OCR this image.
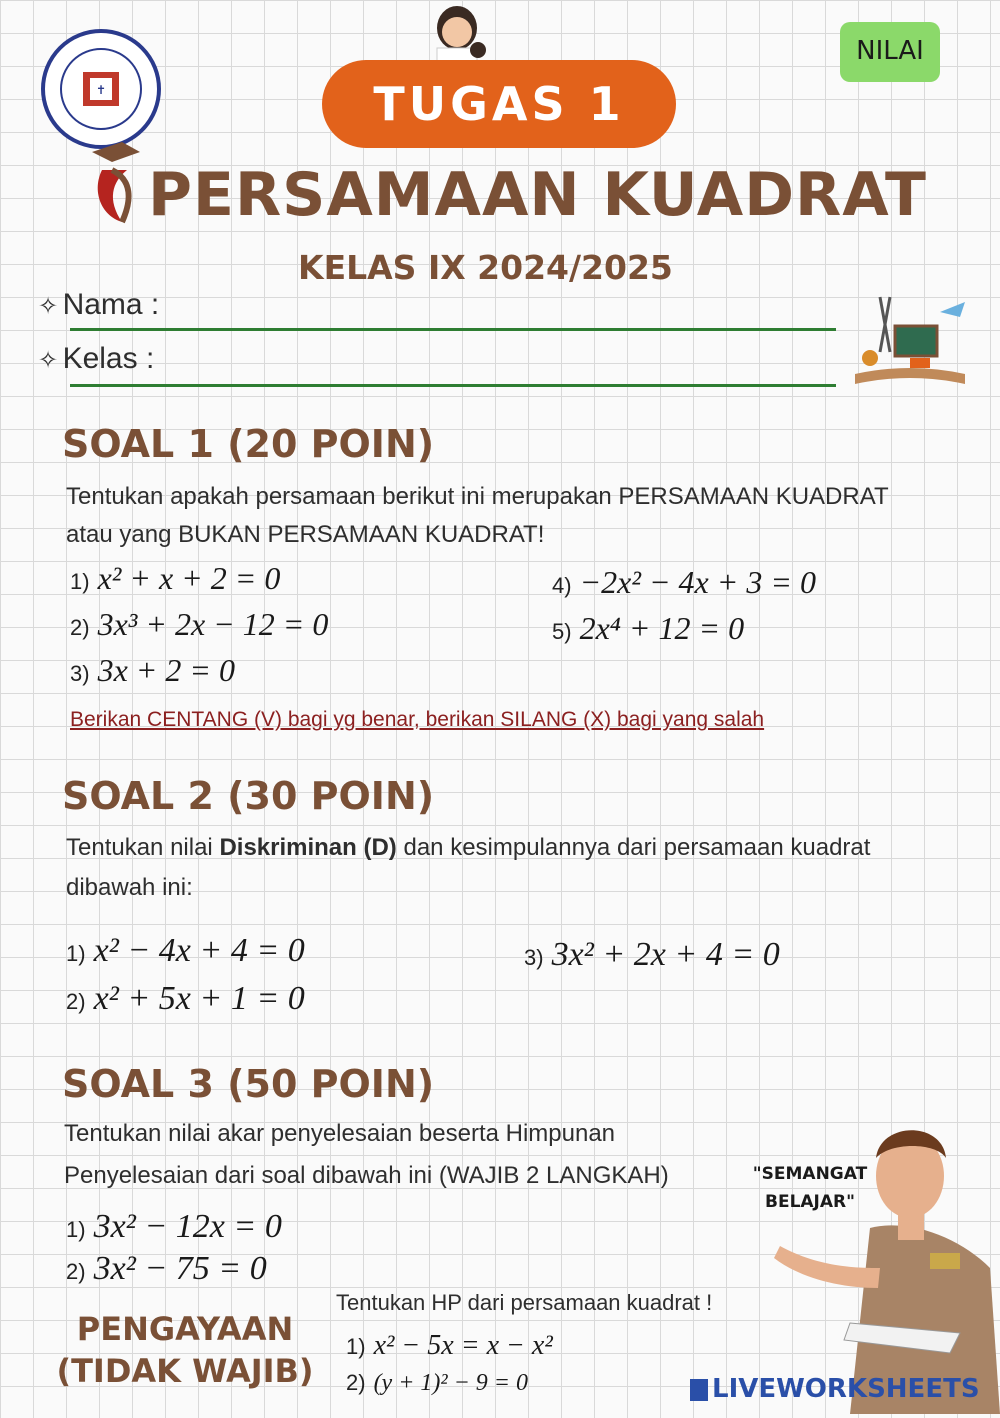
✝	TUGAS 1
NILAI
PERSAMAAN KUADRAT
KELAS IX 2024/2025
✧ Nama :
✧ Kelas :
SOAL 1 (20 POIN)
Tentukan apakah persamaan berikut ini merupakan PERSAMAAN KUADRAT atau yang BUKAN PERSAMAAN KUADRAT!
1) x² + x + 2 = 0
2) 3x³ + 2x − 12 = 0
3) 3x + 2 = 0
4) −2x² − 4x + 3 = 0
5) 2x⁴ + 12 = 0
Berikan CENTANG (V) bagi yg benar, berikan SILANG (X) bagi yang salah
SOAL 2 (30 POIN)
Tentukan nilai Diskriminan (D) dan kesimpulannya dari persamaan kuadrat dibawah ini:
1) x² − 4x + 4 = 0
2) x² + 5x + 1 = 0
3) 3x² + 2x + 4 = 0
SOAL 3 (50 POIN)
Tentukan nilai akar penyelesaian beserta Himpunan
Penyelesaian dari soal dibawah ini (WAJIB 2 LANGKAH)
1) 3x² − 12x = 0
2) 3x² − 75 = 0
"SEMANGAT BELAJAR"
PENGAYAAN
(TIDAK WAJIB)
Tentukan HP dari persamaan kuadrat !
1) x² − 5x = x − x²
2) (y + 1)² − 9 = 0	LIVEWORKSHEETS
